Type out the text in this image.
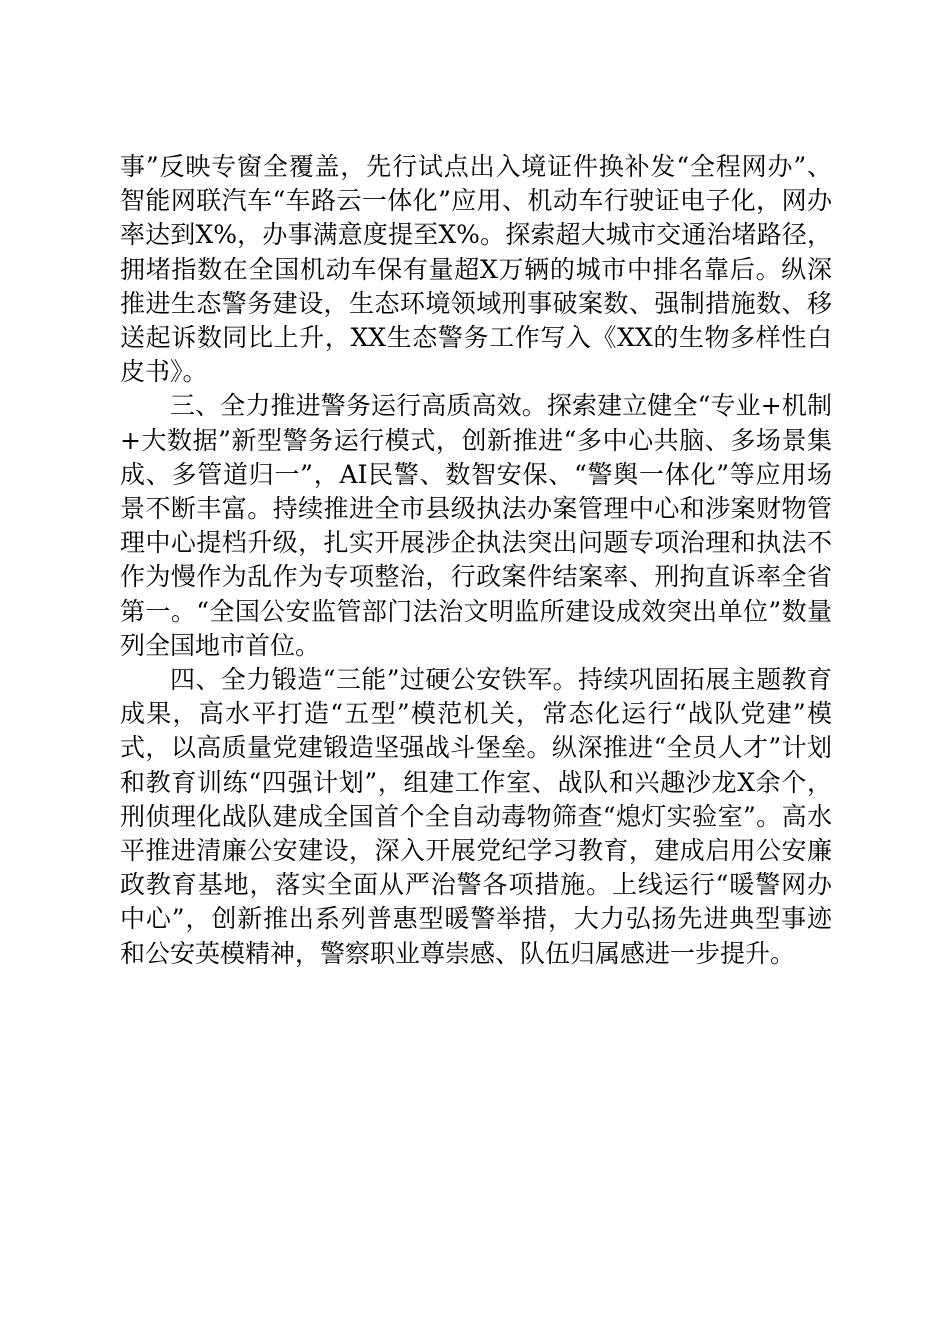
事”反映专窗全覆盖，先行试点出入境证件换补发“全程网办”、智能网联汽车“车路云一体化”应用、机动车行驶证电子化，网办率达到X%，办事满意度提至X%。探索超大城市交通治堵路径，拥堵指数在全国机动车保有量超X万辆的城市中排名靠后。纵深推进生态警务建设，生态环境领域刑事破案数、强制措施数、移送起诉数同比上升，XX生态警务工作写入《XX的生物多样性白皮书》。

三、全力推进警务运行高质高效。探索建立健全“专业+机制+大数据”新型警务运行模式，创新推进“多中心共脑、多场景集成、多管道归一”，AI民警、数智安保、“警舆一体化”等应用场景不断丰富。持续推进全市县级执法办案管理中心和涉案财物管理中心提档升级，扎实开展涉企执法突出问题专项治理和执法不作为慢作为乱作为专项整治，行政案件结案率、刑拘直诉率全省第一。“全国公安监管部门法治文明监所建设成效突出单位”数量列全国地市首位。

四、全力锻造“三能”过硬公安铁军。持续巩固拓展主题教育成果，高水平打造“五型”模范机关，常态化运行“战队党建”模式，以高质量党建锻造坚强战斗堡垒。纵深推进“全员人才”计划和教育训练“四强计划”，组建工作室、战队和兴趣沙龙X余个，刑侦理化战队建成全国首个全自动毒物筛查“熄灯实验室”。高水平推进清廉公安建设，深入开展党纪学习教育，建成启用公安廉政教育基地，落实全面从严治警各项措施。上线运行“暖警网办中心”，创新推出系列普惠型暖警举措，大力弘扬先进典型事迹和公安英模精神，警察职业尊崇感、队伍归属感进一步提升。
